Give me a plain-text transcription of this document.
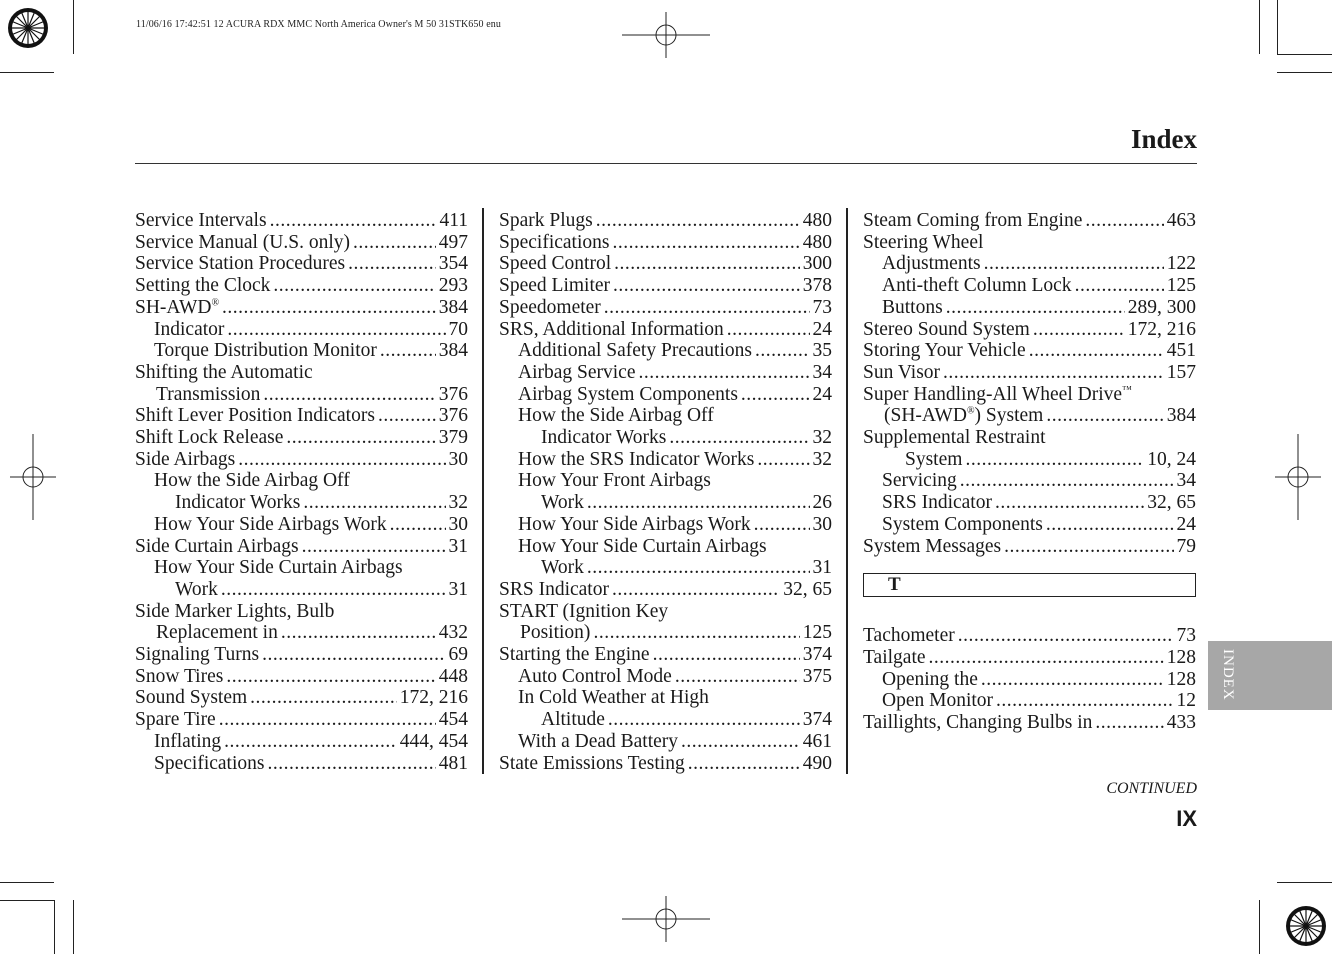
11/06/16 17:42:51 12 ACURA RDX MMC North America Owner's M 50 31STK650 enu
Index
Service Intervals .....	411
Service Manual (U.S. only) .....	497
Service Station Procedures .....	354
Setting the Clock .....	293
SH-AWD® .....	384
Indicator .....	70
Torque Distribution Monitor .....	384
Shifting the Automatic
Transmission .....	376
Shift Lever Position Indicators .....	376
Shift Lock Release .....	379
Side Airbags .....	30
How the Side Airbag Off
Indicator Works .....	32
How Your Side Airbags Work .....	30
Side Curtain Airbags .....	31
How Your Side Curtain Airbags
Work .....	31
Side Marker Lights, Bulb
Replacement in .....	432
Signaling Turns .....	69
Snow Tires .....	448
Sound System .....	172, 216
Spare Tire .....	454
Inflating .....	444, 454
Specifications .....	481
Spark Plugs .....	480
Specifications .....	480
Speed Control .....	300
Speed Limiter .....	378
Speedometer .....	73
SRS, Additional Information .....	24
Additional Safety Precautions .....	35
Airbag Service .....	34
Airbag System Components .....	24
How the Side Airbag Off
Indicator Works .....	32
How the SRS Indicator Works .....	32
How Your Front Airbags
Work .....	26
How Your Side Airbags Work .....	30
How Your Side Curtain Airbags
Work .....	31
SRS Indicator .....	32, 65
START (Ignition Key
Position) .....	125
Starting the Engine .....	374
Auto Control Mode .....	375
In Cold Weather at High
Altitude .....	374
With a Dead Battery .....	461
State Emissions Testing .....	490
Steam Coming from Engine .....	463
Steering Wheel
Adjustments .....	122
Anti-theft Column Lock .....	125
Buttons .....	289, 300
Stereo Sound System .....	172, 216
Storing Your Vehicle .....	451
Sun Visor .....	157
Super Handling-All Wheel Drive™
(SH-AWD®) System .....	384
Supplemental Restraint
System .....	10, 24
Servicing .....	34
SRS Indicator .....	32, 65
System Components .....	24
System Messages .....	79
T
Tachometer .....	73
Tailgate .....	128
Opening the .....	128
Open Monitor .....	12
Taillights, Changing Bulbs in .....	433
INDEX
CONTINUED
IX
